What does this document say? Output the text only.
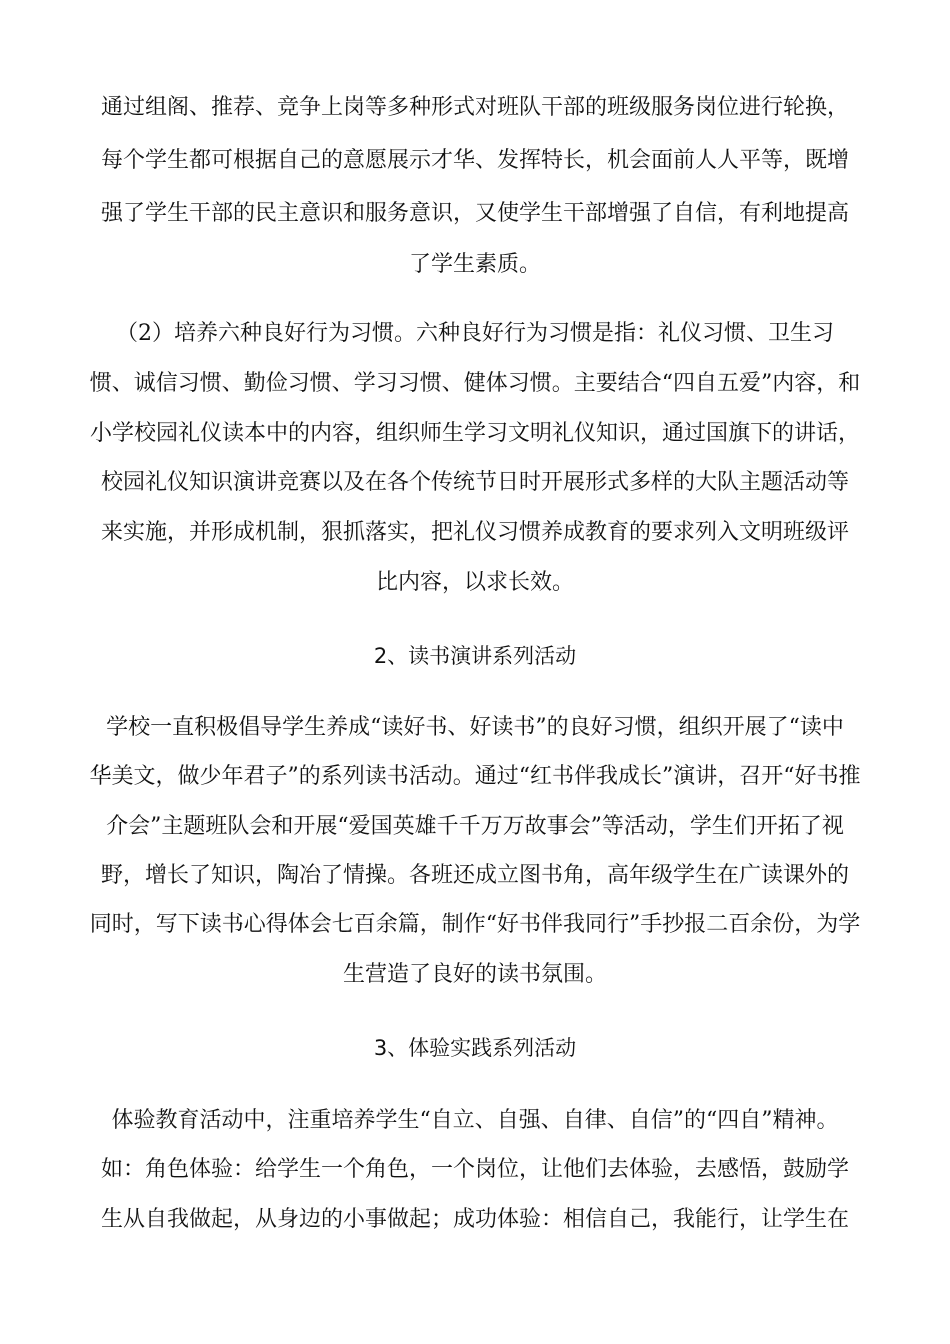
通过组阁、推荐、竞争上岗等多种形式对班队干部的班级服务岗位进行轮换，
每个学生都可根据自己的意愿展示才华、发挥特长，机会面前人人平等，既增
强了学生干部的民主意识和服务意识，又使学生干部增强了自信，有利地提高
了学生素质。
（2）培养六种良好行为习惯。六种良好行为习惯是指：礼仪习惯、卫生习
惯、诚信习惯、勤俭习惯、学习习惯、健体习惯。主要结合“四自五爱”内容，和
小学校园礼仪读本中的内容，组织师生学习文明礼仪知识，通过国旗下的讲话，
校园礼仪知识演讲竞赛以及在各个传统节日时开展形式多样的大队主题活动等
来实施，并形成机制，狠抓落实，把礼仪习惯养成教育的要求列入文明班级评
比内容，以求长效。
2、读书演讲系列活动
学校一直积极倡导学生养成“读好书、好读书”的良好习惯，组织开展了“读中
华美文，做少年君子”的系列读书活动。通过“红书伴我成长”演讲，召开“好书推
介会”主题班队会和开展“爱国英雄千千万万故事会”等活动，学生们开拓了视
野，增长了知识，陶冶了情操。各班还成立图书角，高年级学生在广读课外的
同时，写下读书心得体会七百余篇，制作“好书伴我同行”手抄报二百余份，为学
生营造了良好的读书氛围。
3、体验实践系列活动
体验教育活动中，注重培养学生“自立、自强、自律、自信”的“四自”精神。
如：角色体验：给学生一个角色，一个岗位，让他们去体验，去感悟，鼓励学
生从自我做起，从身边的小事做起；成功体验：相信自己，我能行，让学生在
